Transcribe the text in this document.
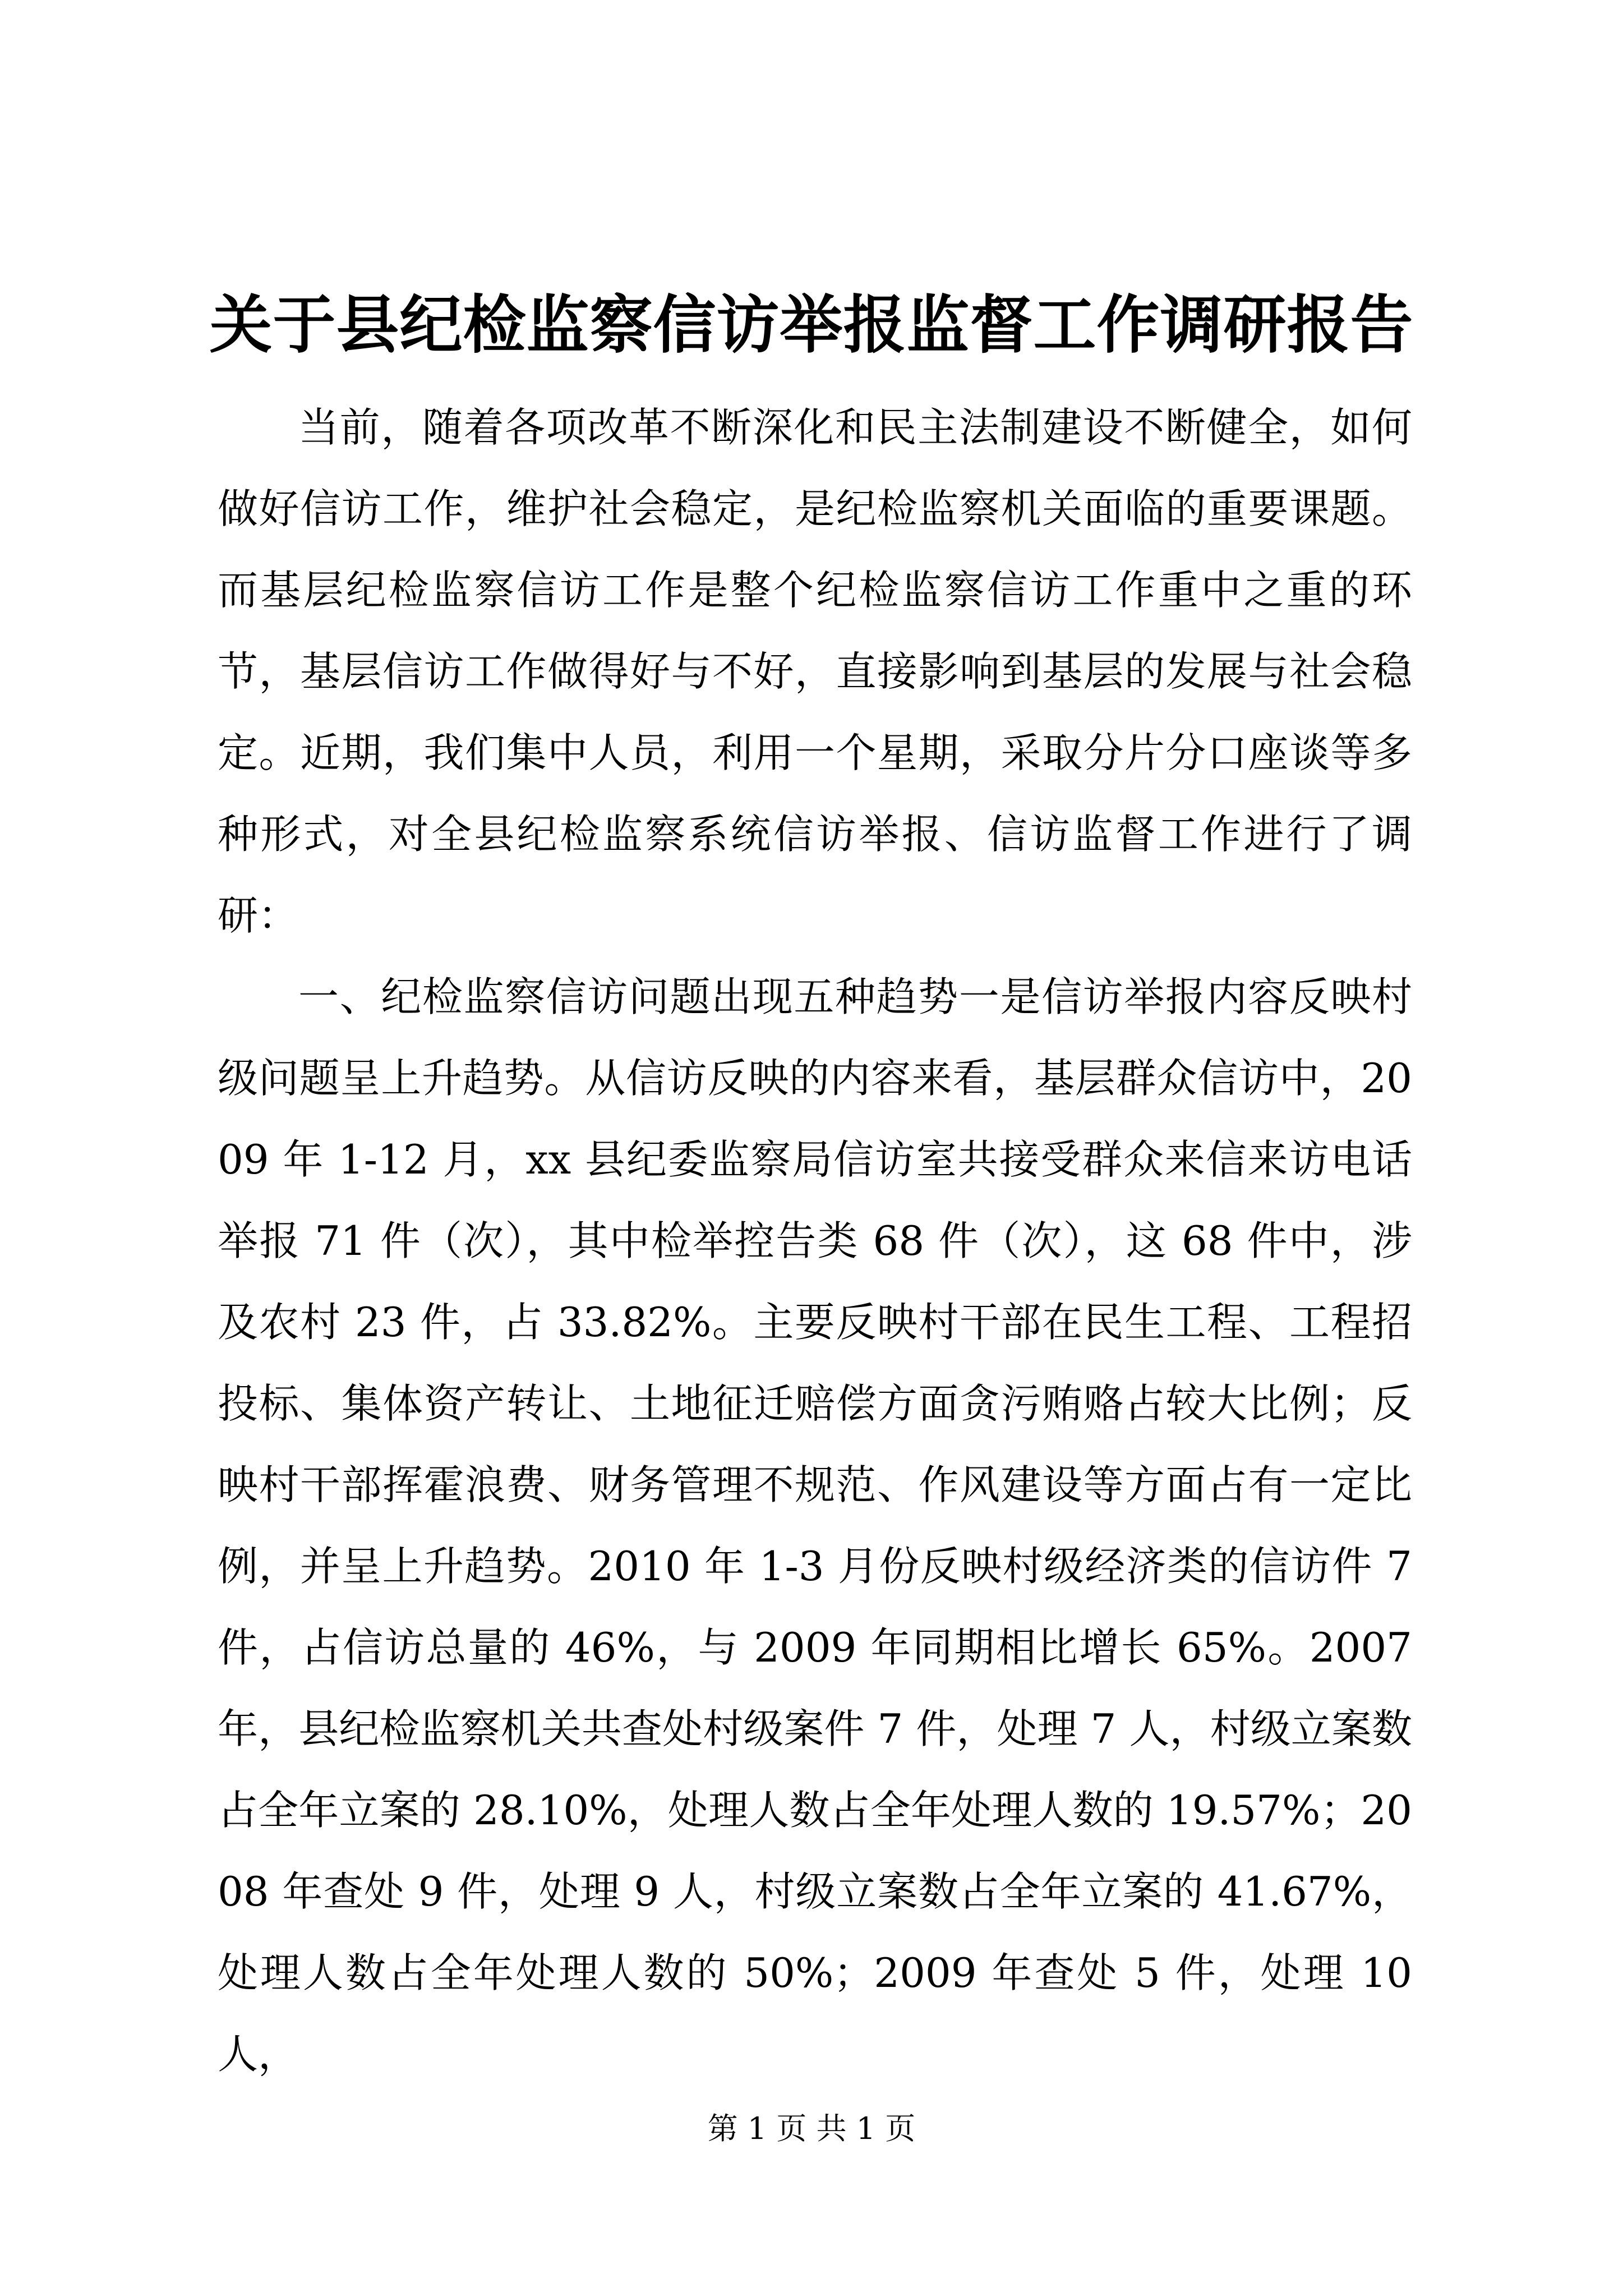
关于县纪检监察信访举报监督工作调研报告

当前，随着各项改革不断深化和民主法制建设不断健全，如何做好信访工作，维护社会稳定，是纪检监察机关面临的重要课题。而基层纪检监察信访工作是整个纪检监察信访工作重中之重的环节，基层信访工作做得好与不好，直接影响到基层的发展与社会稳定。近期，我们集中人员，利用一个星期，采取分片分口座谈等多种形式，对全县纪检监察系统信访举报、信访监督工作进行了调研：

一、纪检监察信访问题出现五种趋势一是信访举报内容反映村级问题呈上升趋势。从信访反映的内容来看，基层群众信访中，2009 年 1-12 月，xx 县纪委监察局信访室共接受群众来信来访电话举报 71 件（次），其中检举控告类 68 件（次），这 68 件中，涉及农村 23 件，占 33.82%。主要反映村干部在民生工程、工程招投标、集体资产转让、土地征迁赔偿方面贪污贿赂占较大比例；反映村干部挥霍浪费、财务管理不规范、作风建设等方面占有一定比例，并呈上升趋势。2010 年 1-3 月份反映村级经济类的信访件 7 件，占信访总量的 46%，与 2009 年同期相比增长 65%。2007 年，县纪检监察机关共查处村级案件 7 件，处理 7 人，村级立案数占全年立案的 28.10%，处理人数占全年处理人数的 19.57%；2008 年查处 9 件，处理 9 人，村级立案数占全年立案的 41.67%，处理人数占全年处理人数的 50%；2009 年查处 5 件，处理 10 人，

第 1 页 共 1 页
